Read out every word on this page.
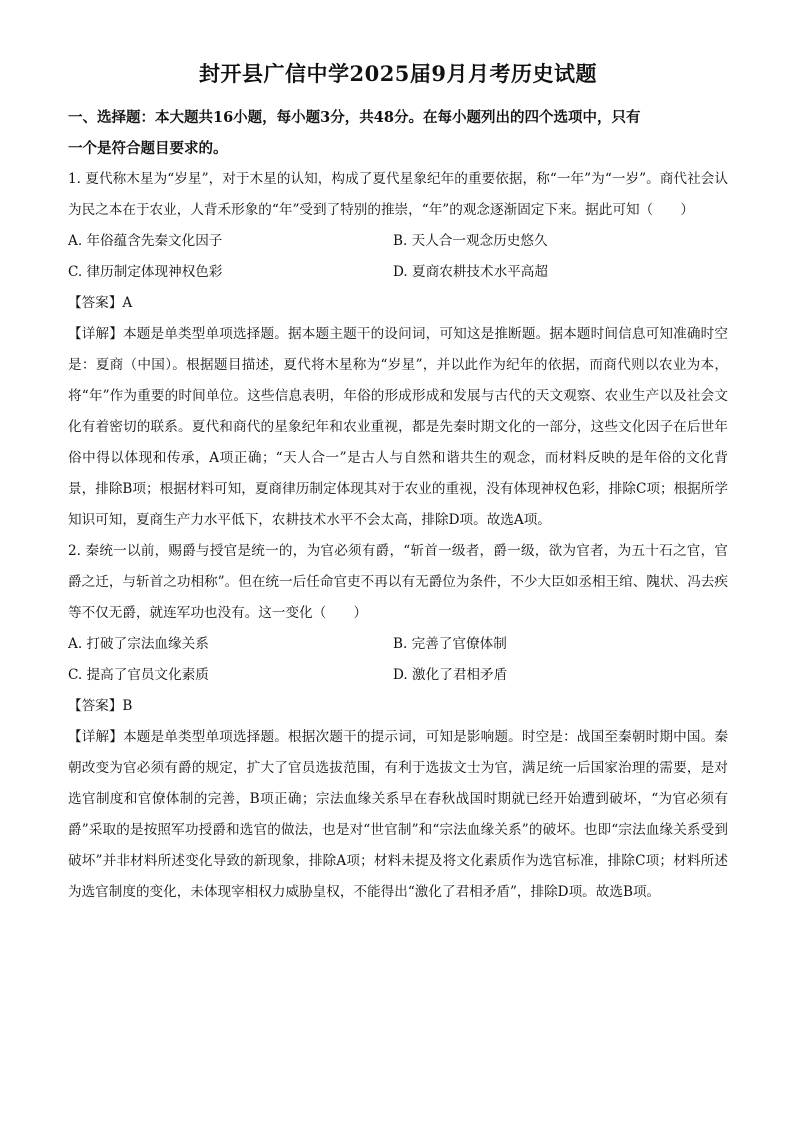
封开县广信中学2025届9月月考历史试题

一、选择题：本大题共16小题，每小题3分，共48分。在每小题列出的四个选项中，只有
一个是符合题目要求的。

1. 夏代称木星为“岁星”，对于木星的认知，构成了夏代星象纪年的重要依据，称“一年”为“一岁”。商代社会认为民之本在于农业，人背禾形象的“年”受到了特别的推崇，“年”的观念逐渐固定下来。据此可知（　　）

A. 年俗蕴含先秦文化因子	B. 天人合一观念历史悠久
C. 律历制定体现神权色彩	D. 夏商农耕技术水平高超

【答案】A

【详解】本题是单类型单项选择题。据本题主题干的设问词，可知这是推断题。据本题时间信息可知准确时空是：夏商（中国）。根据题目描述，夏代将木星称为“岁星”，并以此作为纪年的依据，而商代则以农业为本，将“年”作为重要的时间单位。这些信息表明，年俗的形成形成和发展与古代的天文观察、农业生产以及社会文化有着密切的联系。夏代和商代的星象纪年和农业重视，都是先秦时期文化的一部分，这些文化因子在后世年俗中得以体现和传承，A项正确；“天人合一”是古人与自然和谐共生的观念，而材料反映的是年俗的文化背景，排除B项；根据材料可知，夏商律历制定体现其对于农业的重视，没有体现神权色彩，排除C项；根据所学知识可知，夏商生产力水平低下，农耕技术水平不会太高，排除D项。故选A项。

2. 秦统一以前，赐爵与授官是统一的，为官必须有爵，“斩首一级者，爵一级，欲为官者，为五十石之官，官爵之迁，与斩首之功相称”。但在统一后任命官吏不再以有无爵位为条件，不少大臣如丞相王绾、隗状、冯去疾等不仅无爵，就连军功也没有。这一变化（　　）

A. 打破了宗法血缘关系	B. 完善了官僚体制
C. 提高了官员文化素质	D. 激化了君相矛盾

【答案】B

【详解】本题是单类型单项选择题。根据次题干的提示词，可知是影响题。时空是：战国至秦朝时期中国。秦朝改变为官必须有爵的规定，扩大了官员选拔范围，有利于选拔文士为官，满足统一后国家治理的需要，是对选官制度和官僚体制的完善，B项正确；宗法血缘关系早在春秋战国时期就已经开始遭到破坏，“为官必须有爵”采取的是按照军功授爵和选官的做法，也是对“世官制”和“宗法血缘关系”的破坏。也即“宗法血缘关系受到破坏”并非材料所述变化导致的新现象，排除A项；材料未提及将文化素质作为选官标准，排除C项；材料所述为选官制度的变化，未体现宰相权力威胁皇权，不能得出“激化了君相矛盾”，排除D项。故选B项。
